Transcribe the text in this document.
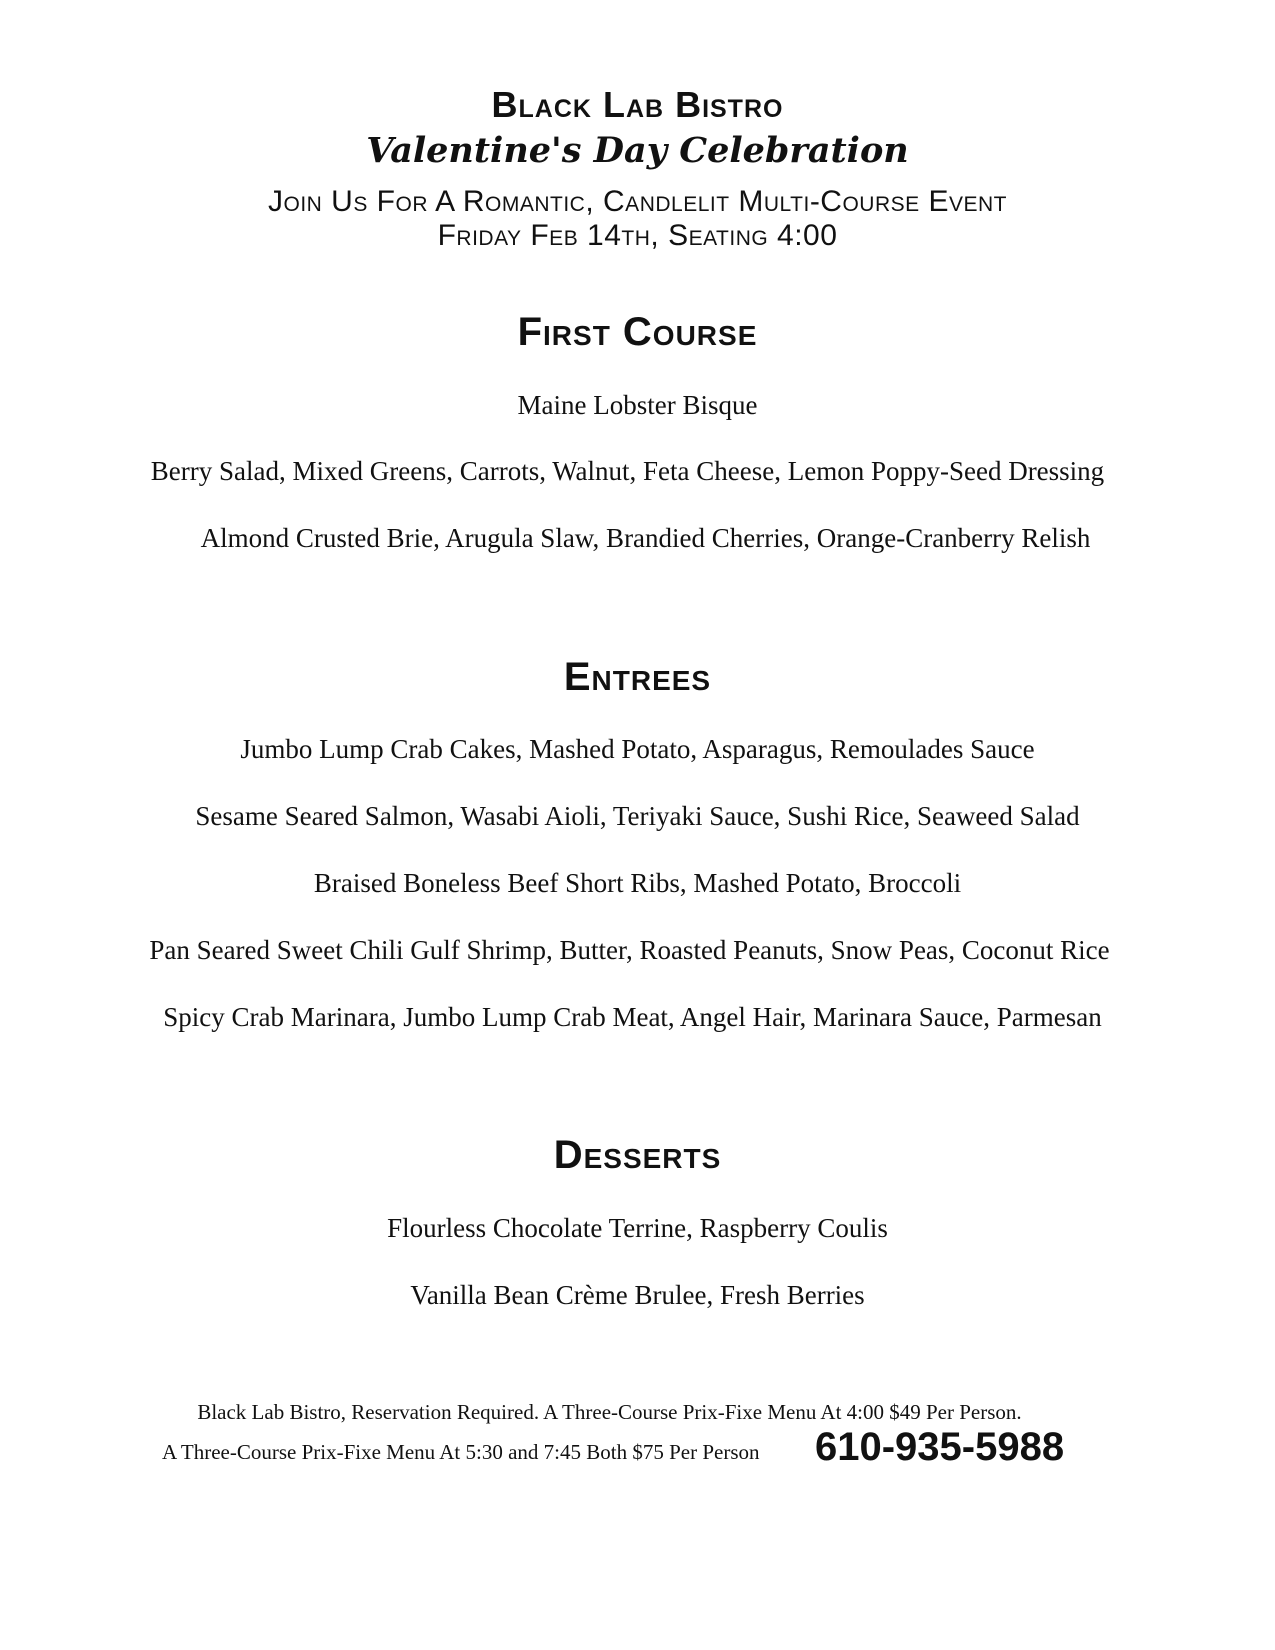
Black Lab Bistro
Valentine's Day Celebration
Join Us For A Romantic, Candlelit Multi-Course Event
Friday Feb 14th, Seating 4:00
First Course
Maine Lobster Bisque
Berry Salad, Mixed Greens, Carrots, Walnut, Feta Cheese, Lemon Poppy-Seed Dressing
Almond Crusted Brie, Arugula Slaw, Brandied Cherries, Orange-Cranberry Relish
Entrees
Jumbo Lump Crab Cakes, Mashed Potato, Asparagus, Remoulades Sauce
Sesame Seared Salmon, Wasabi Aioli, Teriyaki Sauce, Sushi Rice, Seaweed Salad
Braised Boneless Beef Short Ribs, Mashed Potato, Broccoli
Pan Seared Sweet Chili Gulf Shrimp, Butter, Roasted Peanuts, Snow Peas, Coconut Rice
Spicy Crab Marinara, Jumbo Lump Crab Meat, Angel Hair, Marinara Sauce, Parmesan
Desserts
Flourless Chocolate Terrine, Raspberry Coulis
Vanilla Bean Crème Brulee, Fresh Berries
Black Lab Bistro, Reservation Required. A Three-Course Prix-Fixe Menu At 4:00 $49 Per Person.
A Three-Course Prix-Fixe Menu At 5:30 and 7:45 Both $75 Per Person 610-935-5988
